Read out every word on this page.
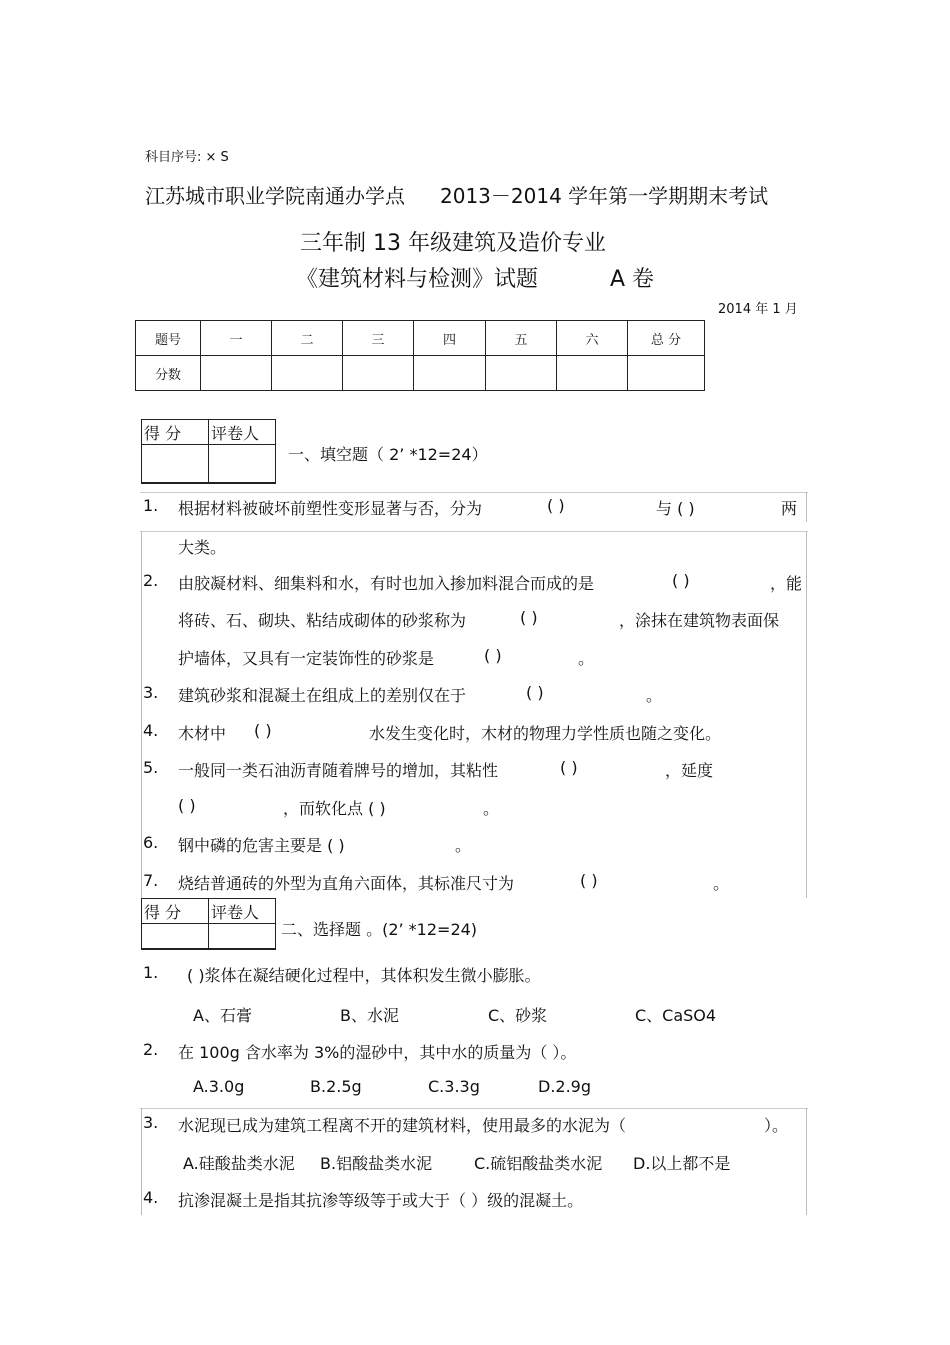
科目序号: × S
江苏城市职业学院南通办学点 2013－2014 学年第一学期期末考试
三年制 13 年级建筑及造价专业
《建筑材料与检测》试题	A 卷
2014 年 1 月
题号	一	二	三	四	五	六	总 分
分数							
得 分	评卷人

一、填空题（ 2’ *12=24）
1. 根据材料被破坏前塑性变形显著与否，分为	( )	与 ( )	两
大类。
2. 由胶凝材料、细集料和水，有时也加入掺加料混合而成的是	( )	，能
将砖、石、砌块、粘结成砌体的砂浆称为	( )	，涂抹在建筑物表面保
护墙体，又具有一定装饰性的砂浆是	( )	。
3. 建筑砂浆和混凝土在组成上的差别仅在于	( )	。
4. 木材中 ( )	水发生变化时，木材的物理力学性质也随之变化。
5. 一般同一类石油沥青随着牌号的增加，其粘性	( )	，延度
( )	，而软化点 ( )	。
6. 钢中磷的危害主要是 ( )	。
7. 烧结普通砖的外型为直角六面体，其标准尺寸为	( )	。
得 分	评卷人

二、选择题 。(2’ *12=24)
1. ( )浆体在凝结硬化过程中，其体积发生微小膨胀。
A、石膏	B、水泥	C、砂浆	C、CaSO4
2. 在 100g 含水率为 3%的湿砂中，其中水的质量为（ ）。
A.3.0g	B.2.5g	C.3.3g	D.2.9g
3. 水泥现已成为建筑工程离不开的建筑材料，使用最多的水泥为（	）。
A.硅酸盐类水泥 B.铝酸盐类水泥	C.硫铝酸盐类水泥 D.以上都不是
4. 抗渗混凝土是指其抗渗等级等于或大于（ ）级的混凝土。
